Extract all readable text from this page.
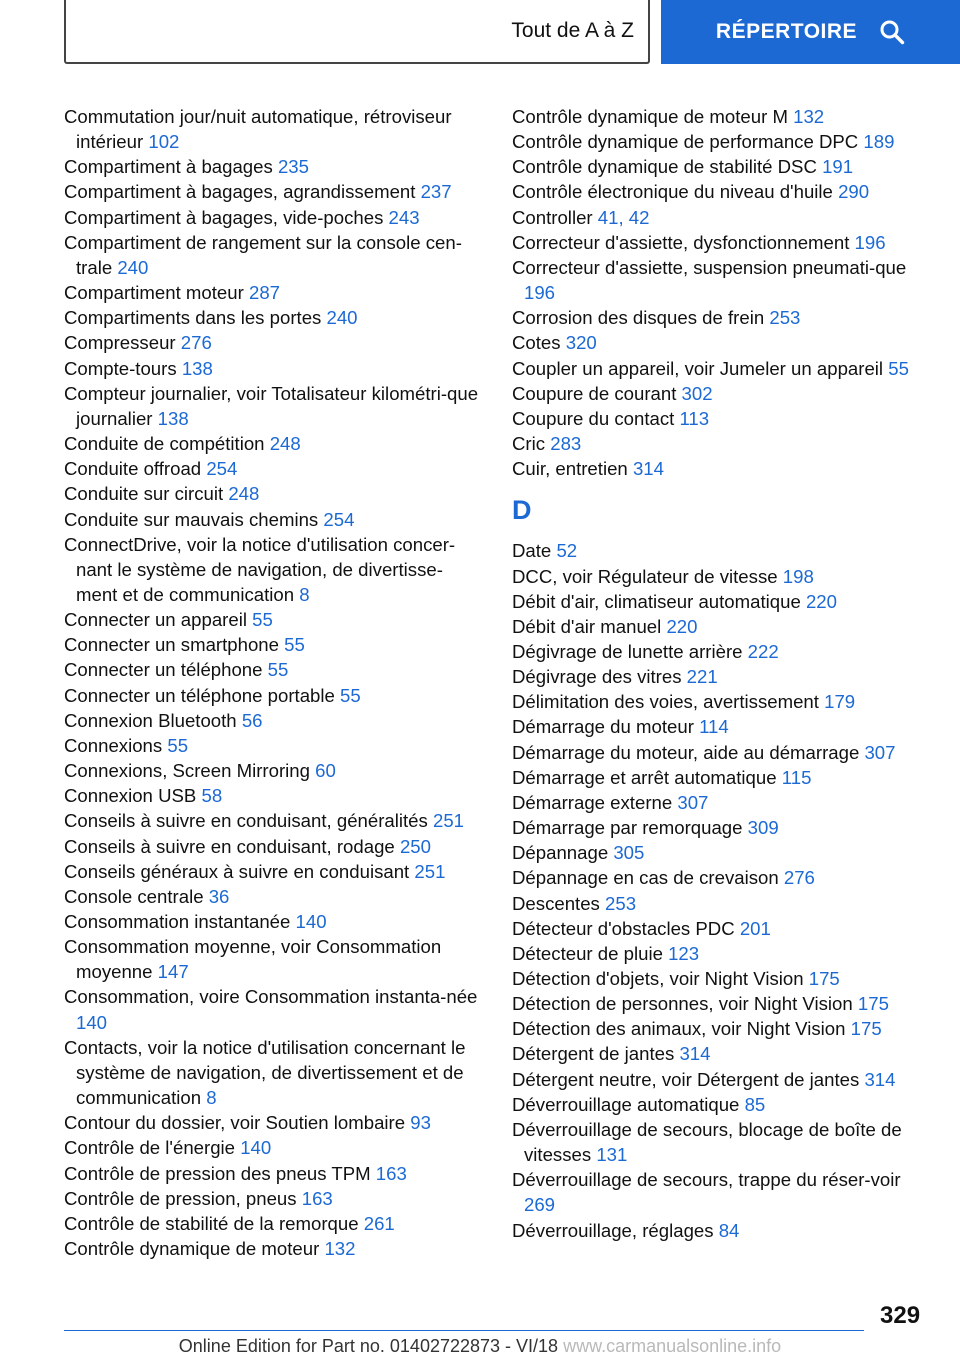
Tout de A à Z	RÉPERTOIRE
Commutation jour/nuit automatique, rétroviseur intérieur 102
Compartiment à bagages 235
Compartiment à bagages, agrandissement 237
Compartiment à bagages, vide-poches 243
Compartiment de rangement sur la console cen-trale 240
Compartiment moteur 287
Compartiments dans les portes 240
Compresseur 276
Compte-tours 138
Compteur journalier, voir Totalisateur kilométri-que journalier 138
Conduite de compétition 248
Conduite offroad 254
Conduite sur circuit 248
Conduite sur mauvais chemins 254
ConnectDrive, voir la notice d'utilisation concer-nant le système de navigation, de divertisse-ment et de communication 8
Connecter un appareil 55
Connecter un smartphone 55
Connecter un téléphone 55
Connecter un téléphone portable 55
Connexion Bluetooth 56
Connexions 55
Connexions, Screen Mirroring 60
Connexion USB 58
Conseils à suivre en conduisant, généralités 251
Conseils à suivre en conduisant, rodage 250
Conseils généraux à suivre en conduisant 251
Console centrale 36
Consommation instantanée 140
Consommation moyenne, voir Consommation moyenne 147
Consommation, voire Consommation instanta-née 140
Contacts, voir la notice d'utilisation concernant le système de navigation, de divertissement et de communication 8
Contour du dossier, voir Soutien lombaire 93
Contrôle de l'énergie 140
Contrôle de pression des pneus TPM 163
Contrôle de pression, pneus 163
Contrôle de stabilité de la remorque 261
Contrôle dynamique de moteur 132
Contrôle dynamique de moteur M 132
Contrôle dynamique de performance DPC 189
Contrôle dynamique de stabilité DSC 191
Contrôle électronique du niveau d'huile 290
Controller 41, 42
Correcteur d'assiette, dysfonctionnement 196
Correcteur d'assiette, suspension pneumati-que 196
Corrosion des disques de frein 253
Cotes 320
Coupler un appareil, voir Jumeler un appareil 55
Coupure de courant 302
Coupure du contact 113
Cric 283
Cuir, entretien 314
D
Date 52
DCC, voir Régulateur de vitesse 198
Débit d'air, climatiseur automatique 220
Débit d'air manuel 220
Dégivrage de lunette arrière 222
Dégivrage des vitres 221
Délimitation des voies, avertissement 179
Démarrage du moteur 114
Démarrage du moteur, aide au démarrage 307
Démarrage et arrêt automatique 115
Démarrage externe 307
Démarrage par remorquage 309
Dépannage 305
Dépannage en cas de crevaison 276
Descentes 253
Détecteur d'obstacles PDC 201
Détecteur de pluie 123
Détection d'objets, voir Night Vision 175
Détection de personnes, voir Night Vision 175
Détection des animaux, voir Night Vision 175
Détergent de jantes 314
Détergent neutre, voir Détergent de jantes 314
Déverrouillage automatique 85
Déverrouillage de secours, blocage de boîte de vitesses 131
Déverrouillage de secours, trappe du réser-voir 269
Déverrouillage, réglages 84
329
Online Edition for Part no. 01402722873 - VI/18 www.carmanualsonline.info
